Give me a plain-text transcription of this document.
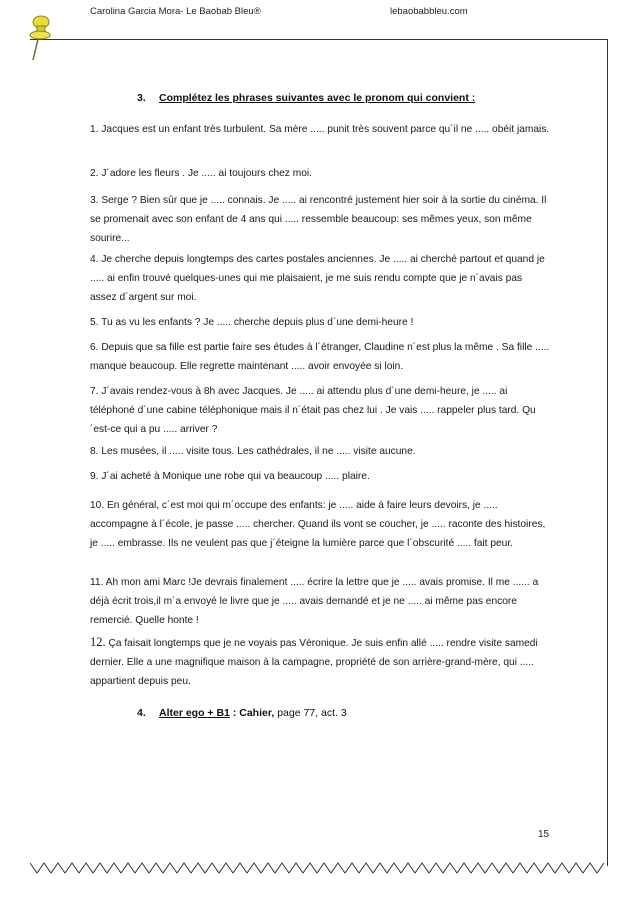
Carolina Garcia Mora- Le Baobab Bleu®	lebaobabbleu.com
3. Complétez les phrases suivantes avec le pronom qui convient :
1. Jacques est un enfant très turbulent. Sa mère ..... punit très souvent parce qu´il ne ..... obéit jamais.
2. J´adore les fleurs . Je ..... ai toujours chez moi.
3. Serge ? Bien sûr que je ..... connais. Je ..... ai rencontré justement hier soir à la sortie du cinéma. Il se promenait avec son enfant de 4 ans qui ..... ressemble beaucoup: ses mêmes yeux, son même sourire...
4. Je cherche depuis longtemps des cartes postales anciennes. Je ..... ai cherché partout et quand je ..... ai enfin trouvé quelques-unes qui me plaisaient, je me suis rendu compte que je n´avais pas assez d´argent sur moi.
5. Tu as vu les enfants ? Je ..... cherche depuis plus d´une demi-heure !
6. Depuis que sa fille est partie faire ses études à l´étranger, Claudine n´est plus la même . Sa fille ..... manque beaucoup. Elle regrette maintenant ..... avoir envoyée si loin.
7. J´avais rendez-vous à 8h avec Jacques. Je ..... ai attendu plus d´une demi-heure, je ..... ai téléphoné d´une cabine téléphonique mais il n´était pas chez lui . Je vais ..... rappeler plus tard. Qu´est-ce qui a pu ..... arriver ?
8. Les musées, il ..... visite tous. Les cathédrales, il ne ..... visite aucune.
9. J´ai acheté à Monique une robe qui va beaucoup ..... plaire.
10. En général, c´est moi qui m´occupe des enfants: je ..... aide à faire leurs devoirs, je ..... accompagne à l´école, je passe ..... chercher. Quand ils vont se coucher, je ..... raconte des histoires, je ..... embrasse. Ils ne veulent pas que j´éteigne la lumière parce que l´obscurité ..... fait peur.
11. Ah mon ami Marc !Je devrais finalement ..... écrire la lettre que je ..... avais promise. Il me ...... a déjà écrit trois,il m´a envoyé le livre que je ..... avais demandé et je ne ..... ai même pas encore remercié. Quelle honte !
12. Ça faisait longtemps que je ne voyais pas Véronique. Je suis enfin allé ..... rendre visite samedi dernier. Elle a une magnifique maison à la campagne, propriété de son arrière-grand-mère, qui ..... appartient depuis peu.
4. Alter ego + B1 : Cahier, page 77, act. 3
15
